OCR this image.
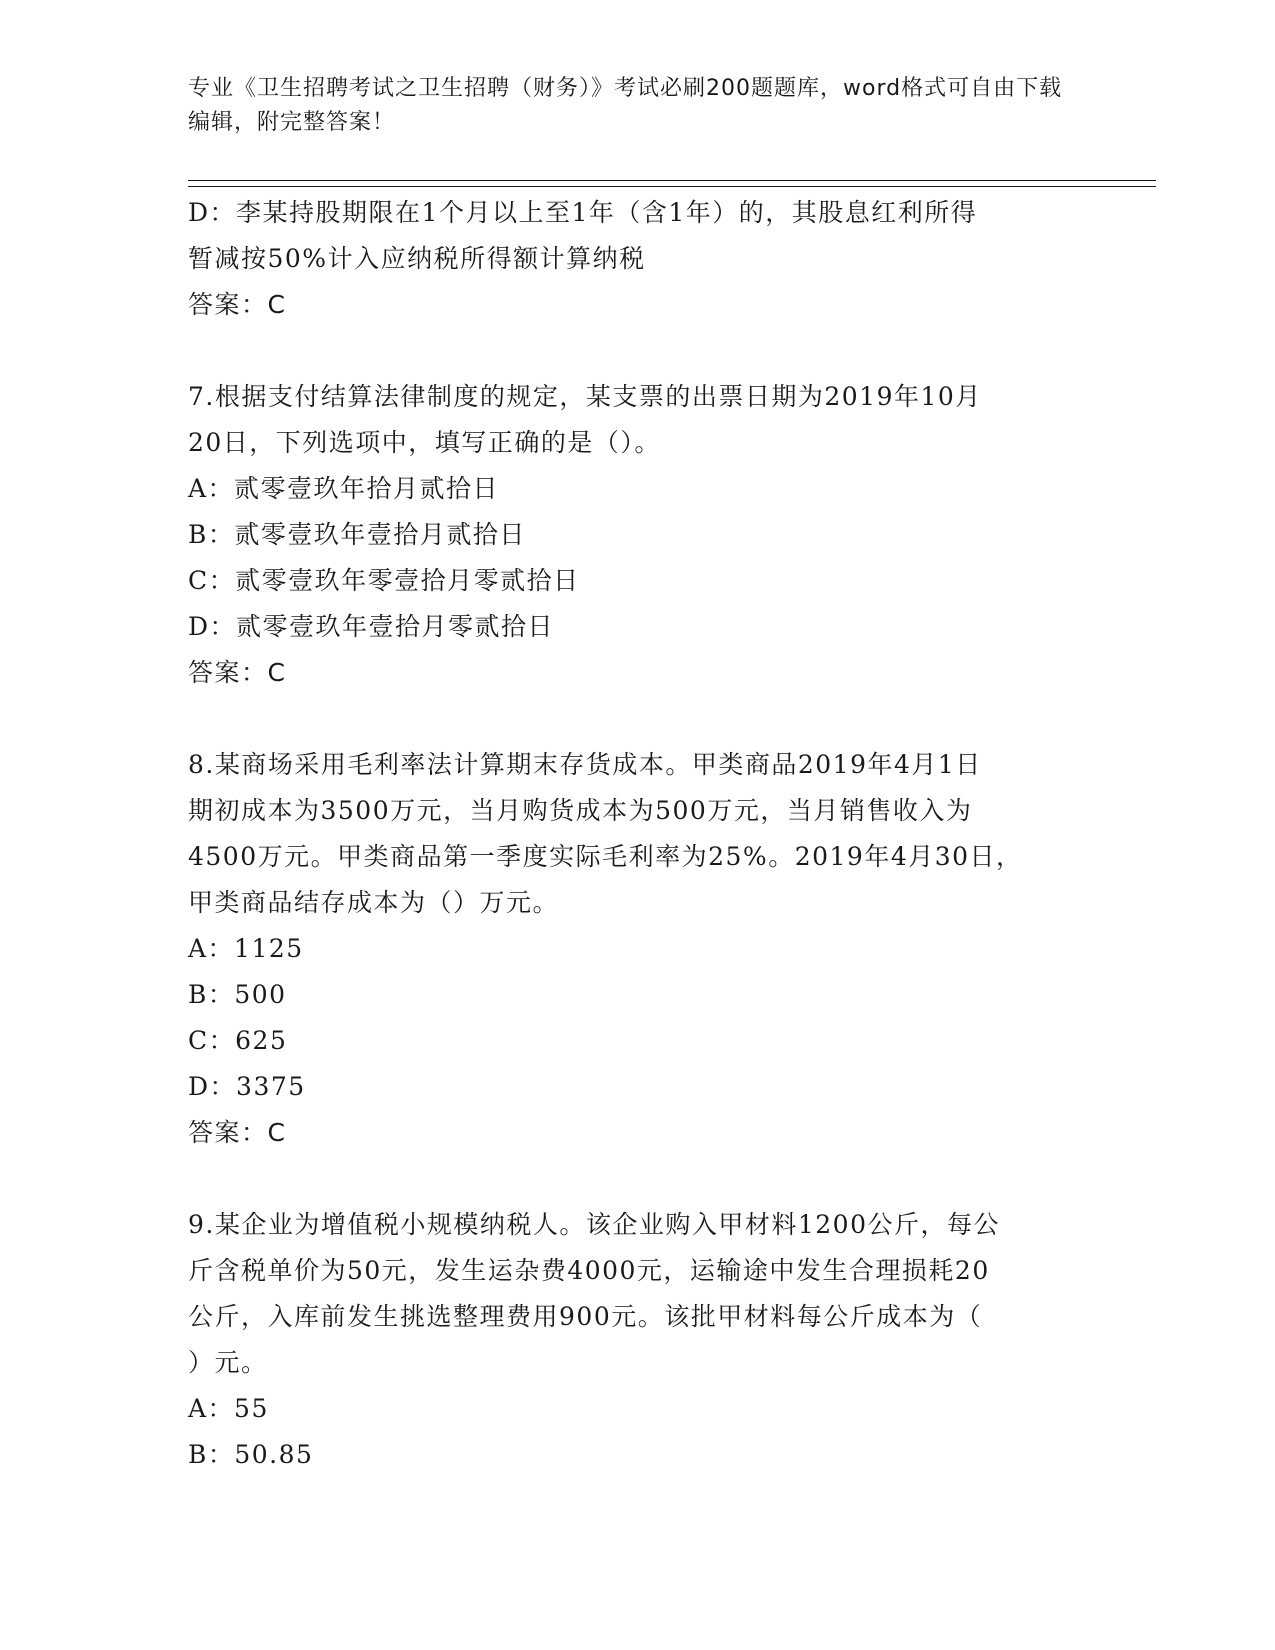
专业《卫生招聘考试之卫生招聘（财务）》考试必刷200题题库，word格式可自由下载编辑，附完整答案！
D：李某持股期限在1个月以上至1年（含1年）的，其股息红利所得
暂减按50%计入应纳税所得额计算纳税
答案：C
7.根据支付结算法律制度的规定，某支票的出票日期为2019年10月
20日，下列选项中，填写正确的是（）。
A：贰零壹玖年拾月贰拾日
B：贰零壹玖年壹拾月贰拾日
C：贰零壹玖年零壹拾月零贰拾日
D：贰零壹玖年壹拾月零贰拾日
答案：C
8.某商场采用毛利率法计算期末存货成本。甲类商品2019年4月1日
期初成本为3500万元，当月购货成本为500万元，当月销售收入为
4500万元。甲类商品第一季度实际毛利率为25%。2019年4月30日，
甲类商品结存成本为（）万元。
A：1125
B：500
C：625
D：3375
答案：C
9.某企业为增值税小规模纳税人。该企业购入甲材料1200公斤，每公
斤含税单价为50元，发生运杂费4000元，运输途中发生合理损耗20
公斤，入库前发生挑选整理费用900元。该批甲材料每公斤成本为（
）元。
A：55
B：50.85
